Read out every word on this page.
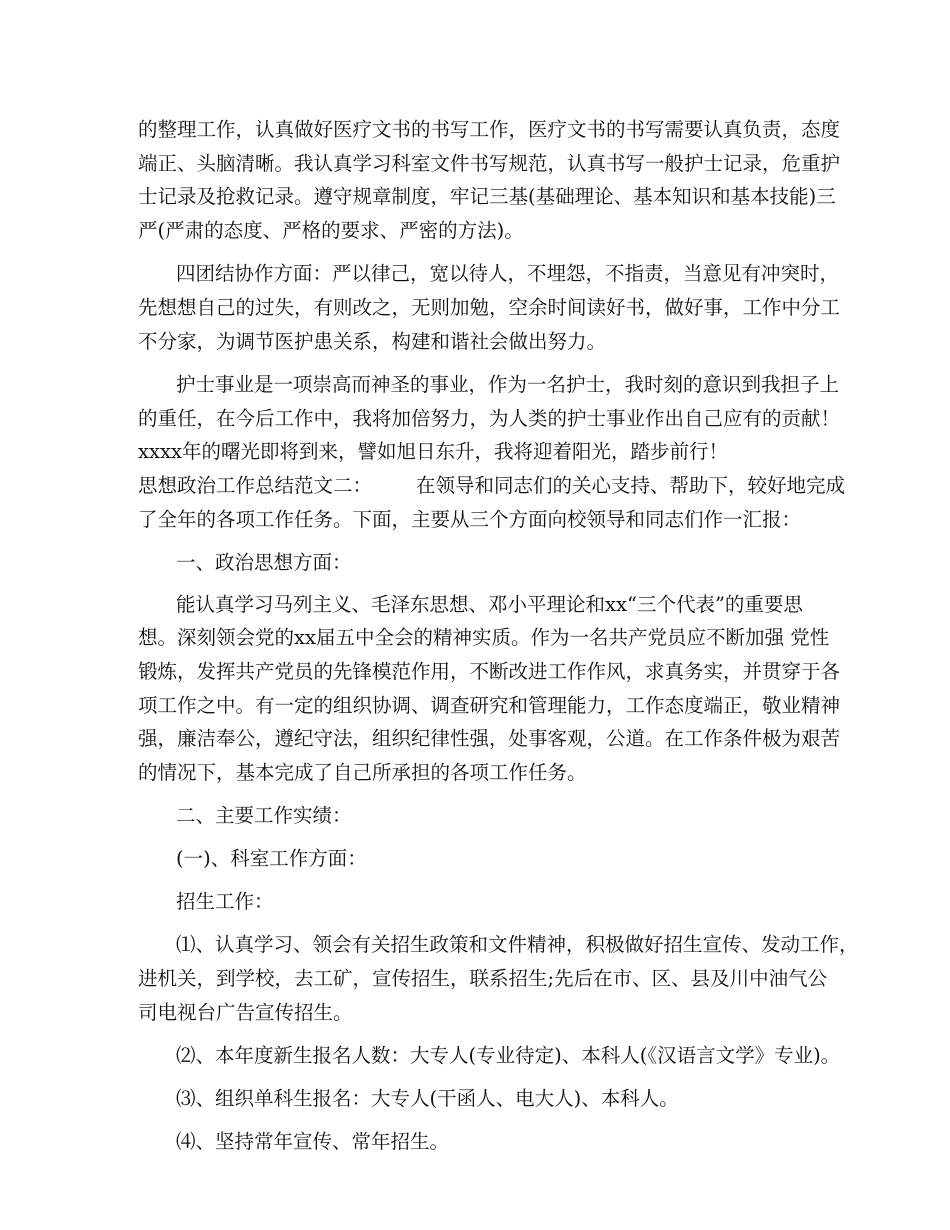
的整理工作，认真做好医疗文书的书写工作，医疗文书的书写需要认真负责，态度
端正、头脑清晰。我认真学习科室文件书写规范，认真书写一般护士记录，危重护
士记录及抢救记录。遵守规章制度，牢记三基(基础理论、基本知识和基本技能)三
严(严肃的态度、严格的要求、严密的方法)。
四团结协作方面：严以律己，宽以待人，不埋怨，不指责，当意见有冲突时，
先想想自己的过失，有则改之，无则加勉，空余时间读好书，做好事，工作中分工
不分家，为调节医护患关系，构建和谐社会做出努力。
护士事业是一项崇高而神圣的事业，作为一名护士，我时刻的意识到我担子上
的重任，在今后工作中，我将加倍努力，为人类的护士事业作出自己应有的贡献！
xxxx年的曙光即将到来，譬如旭日东升，我将迎着阳光，踏步前行！
思想政治工作总结范文二： 在领导和同志们的关心支持、帮助下，较好地完成
了全年的各项工作任务。下面，主要从三个方面向校领导和同志们作一汇报：
一、政治思想方面：
能认真学习马列主义、毛泽东思想、邓小平理论和xx“三个代表”的重要思
想。深刻领会党的xx届五中全会的精神实质。作为一名共产党员应不断加强 党性
锻炼，发挥共产党员的先锋模范作用，不断改进工作作风，求真务实，并贯穿于各
项工作之中。有一定的组织协调、调查研究和管理能力，工作态度端正，敬业精神
强，廉洁奉公，遵纪守法，组织纪律性强，处事客观，公道。在工作条件极为艰苦
的情况下，基本完成了自己所承担的各项工作任务。
二、主要工作实绩：
(一)、科室工作方面：
招生工作：
⑴、认真学习、领会有关招生政策和文件精神，积极做好招生宣传、发动工作，
进机关，到学校，去工矿，宣传招生，联系招生;先后在市、区、县及川中油气公
司电视台广告宣传招生。
⑵、本年度新生报名人数：大专人(专业待定)、本科人(《汉语言文学》专业)。
⑶、组织单科生报名：大专人(干函人、电大人)、本科人。
⑷、坚持常年宣传、常年招生。
